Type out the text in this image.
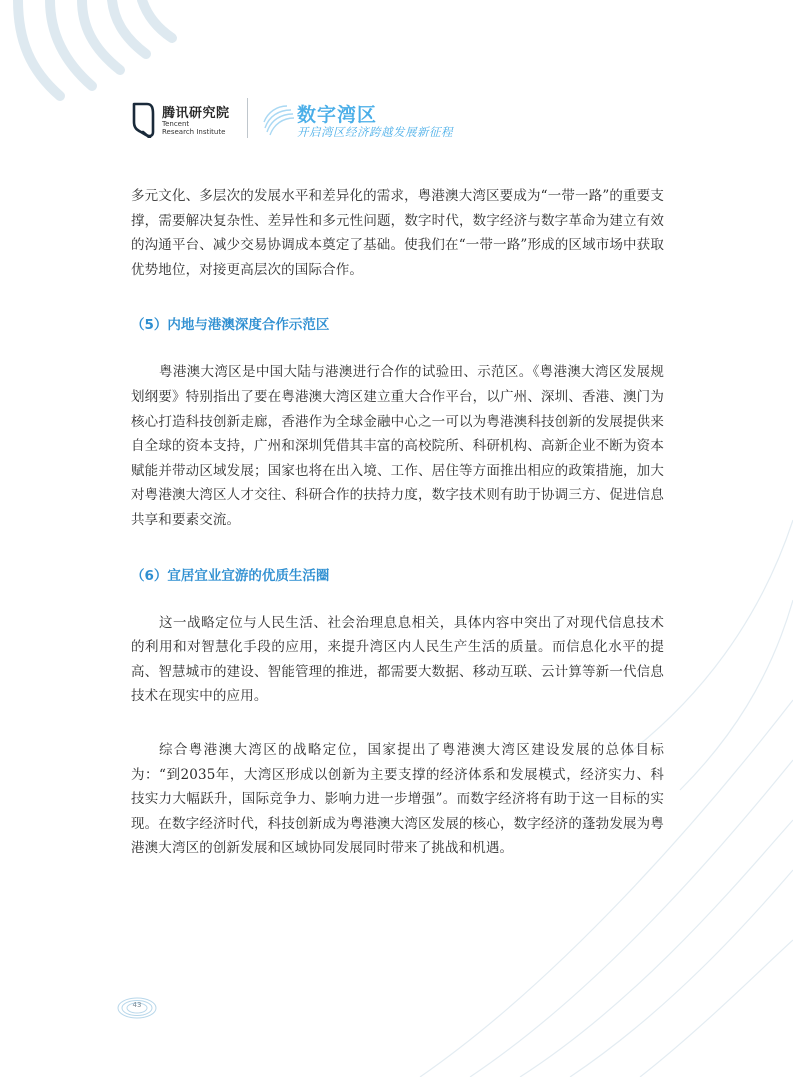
腾讯研究院
Tencent
Research Institute
数字湾区
开启湾区经济跨越发展新征程

多元文化、多层次的发展水平和差异化的需求，粤港澳大湾区要成为“一带一路”的重要支撑，需要解决复杂性、差异性和多元性问题，数字时代，数字经济与数字革命为建立有效的沟通平台、减少交易协调成本奠定了基础。使我们在“一带一路”形成的区域市场中获取优势地位，对接更高层次的国际合作。

（5）内地与港澳深度合作示范区

粤港澳大湾区是中国大陆与港澳进行合作的试验田、示范区。《粤港澳大湾区发展规划纲要》特别指出了要在粤港澳大湾区建立重大合作平台，以广州、深圳、香港、澳门为核心打造科技创新走廊，香港作为全球金融中心之一可以为粤港澳科技创新的发展提供来自全球的资本支持，广州和深圳凭借其丰富的高校院所、科研机构、高新企业不断为资本赋能并带动区域发展；国家也将在出入境、工作、居住等方面推出相应的政策措施，加大对粤港澳大湾区人才交往、科研合作的扶持力度，数字技术则有助于协调三方、促进信息共享和要素交流。

（6）宜居宜业宜游的优质生活圈

这一战略定位与人民生活、社会治理息息相关，具体内容中突出了对现代信息技术的利用和对智慧化手段的应用，来提升湾区内人民生产生活的质量。而信息化水平的提高、智慧城市的建设、智能管理的推进，都需要大数据、移动互联、云计算等新一代信息技术在现实中的应用。

综合粤港澳大湾区的战略定位，国家提出了粤港澳大湾区建设发展的总体目标为：“到2035年，大湾区形成以创新为主要支撑的经济体系和发展模式，经济实力、科技实力大幅跃升，国际竞争力、影响力进一步增强”。而数字经济将有助于这一目标的实现。在数字经济时代，科技创新成为粤港澳大湾区发展的核心，数字经济的蓬勃发展为粤港澳大湾区的创新发展和区域协同发展同时带来了挑战和机遇。

43
